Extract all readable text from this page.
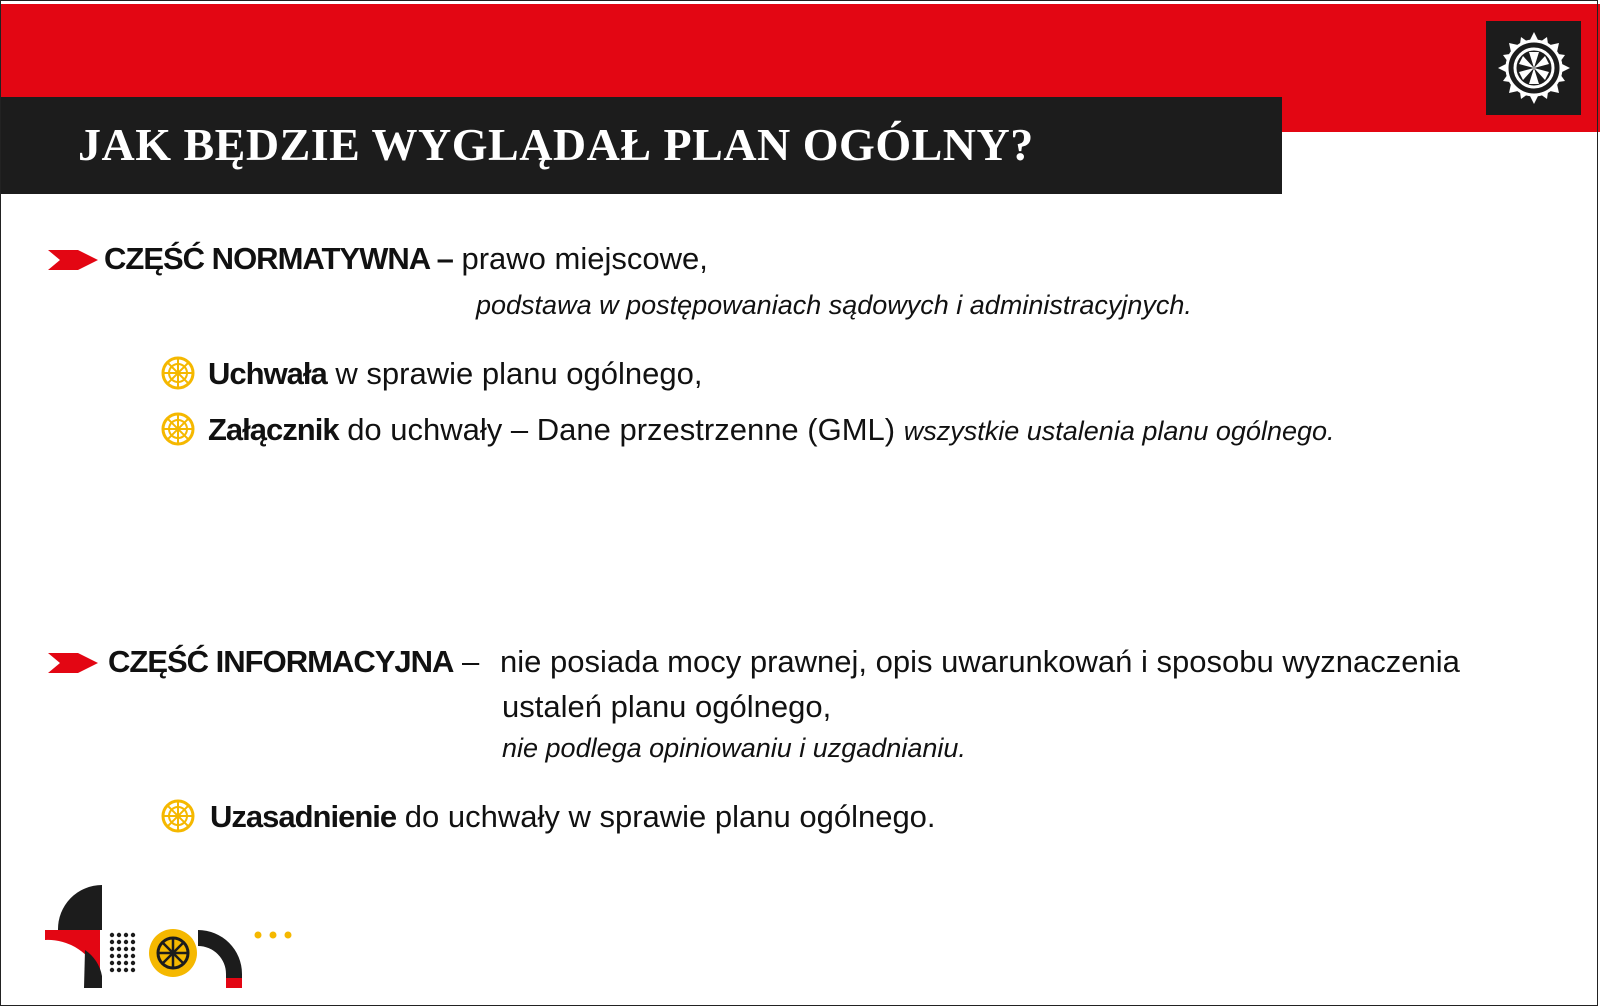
JAK BĘDZIE WYGLĄDAŁ PLAN OGÓLNY?
CZĘŚĆ NORMATYWNA – prawo miejscowe,
podstawa w postępowaniach sądowych i administracyjnych.
Uchwała w sprawie planu ogólnego,
Załącznik do uchwały – Dane przestrzenne (GML) wszystkie ustalenia planu ogólnego.
CZĘŚĆ INFORMACYJNA – nie posiada mocy prawnej, opis uwarunkowań i sposobu wyznaczenia
ustaleń planu ogólnego,
nie podlega opiniowaniu i uzgadnianiu.
Uzasadnienie do uchwały w sprawie planu ogólnego.
